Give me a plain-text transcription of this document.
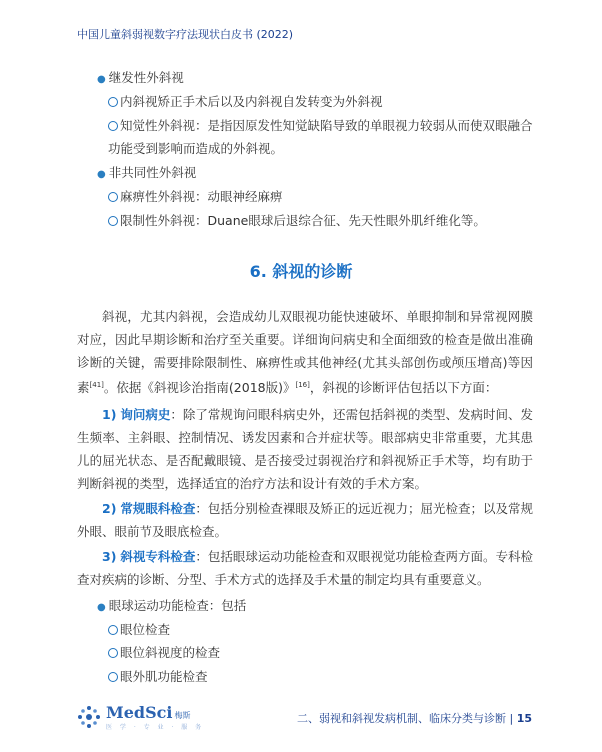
中国儿童斜弱视数字疗法现状白皮书 (2022)
● 继发性外斜视
内斜视矫正手术后以及内斜视自发转变为外斜视
知觉性外斜视：是指因原发性知觉缺陷导致的单眼视力较弱从而使双眼融合
功能受到影响而造成的外斜视。
● 非共同性外斜视
麻痹性外斜视：动眼神经麻痹
限制性外斜视：Duane眼球后退综合征、先天性眼外肌纤维化等。
6. 斜视的诊断

斜视，尤其内斜视，会造成幼儿双眼视功能快速破坏、单眼抑制和异常视网膜对应，因此早期诊断和治疗至关重要。详细询问病史和全面细致的检查是做出准确诊断的关键，需要排除限制性、麻痹性或其他神经(尤其头部创伤或颅压增高)等因素[41]。依据《斜视诊治指南(2018版)》[16]，斜视的诊断评估包括以下方面：

1) 询问病史：除了常规询问眼科病史外，还需包括斜视的类型、发病时间、发生频率、主斜眼、控制情况、诱发因素和合并症状等。眼部病史非常重要，尤其患儿的屈光状态、是否配戴眼镜、是否接受过弱视治疗和斜视矫正手术等，均有助于判断斜视的类型，选择适宜的治疗方法和设计有效的手术方案。

2) 常规眼科检查：包括分别检查裸眼及矫正的远近视力；屈光检查；以及常规外眼、眼前节及眼底检查。

3) 斜视专科检查：包括眼球运动功能检查和双眼视觉功能检查两方面。专科检查对疾病的诊断、分型、手术方式的选择及手术量的制定均具有重要意义。

● 眼球运动功能检查：包括
眼位检查
眼位斜视度的检查
眼外肌功能检查
MedSci 梅斯
医 学 · 专 业 · 服 务
二、弱视和斜视发病机制、临床分类与诊断 | 15
